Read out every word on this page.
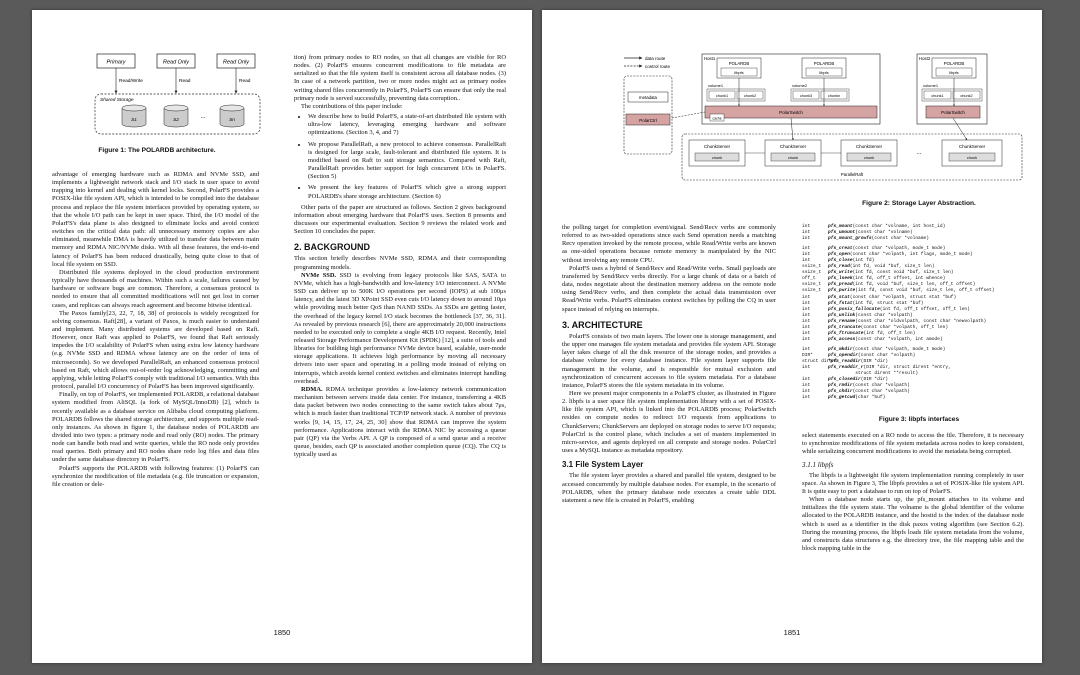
Primary	Read Only	Read Only
Read/Write	Read	Read
Shared Storage
S1	S2
...
Sn
Figure 1: The POLARDB architecture.

advantage of emerging hardware such as RDMA and NVMe SSD, and implements a lightweight network stack and I/O stack in user space to avoid trapping into kernel and dealing with kernel locks. Second, PolarFS provides a POSIX-like file system API, which is intended to be compiled into the database process and replace the file system interfaces provided by operating system, so that the whole I/O path can be kept in user space. Third, the I/O model of the PolarFS's data plane is also designed to eliminate locks and avoid context switches on the critical data path: all unnecessary memory copies are also eliminated, meanwhile DMA is heavily utilized to transfer data between main memory and RDMA NIC/NVMe disks. With all these features, the end-to-end latency of PolarFS has been reduced drastically, being quite close to that of local file system on SSD.

Distributed file systems deployed in the cloud production environment typically have thousands of machines. Within such a scale, failures caused by hardware or software bugs are common. Therefore, a consensus protocol is needed to ensure that all committed modifications will not get lost in corner cases, and replicas can always reach agreement and become bitwise identical.

The Paxos family[23, 22, 7, 18, 38] of protocols is widely recognized for solving consensus. Raft[28], a variant of Paxos, is much easier to understand and implement. Many distributed systems are developed based on Raft. However, once Raft was applied to PolarFS, we found that Raft seriously impedes the I/O scalability of PolarFS when using extra low latency hardware (e.g. NVMe SSD and RDMA whose latency are on the order of tens of microseconds). So we developed ParallelRaft, an enhanced consensus protocol based on Raft, which allows out-of-order log acknowledging, committing and applying, while letting PolarFS comply with traditional I/O semantics. With this protocol, parallel I/O concurrency of PolarFS has been improved significantly.

Finally, on top of PolarFS, we implemented POLARDB, a relational database system modified from AliSQL (a fork of MySQL/InnoDB) [2], which is recently available as a database service on Alibaba cloud computing platform. POLARDB follows the shared storage architecture, and supports multiple read-only instances. As shown in figure 1, the database nodes of POLARDB are divided into two types: a primary node and read only (RO) nodes. The primary node can handle both read and write queries, while the RO node only provides read queries. Both primary and RO nodes share redo log files and data files under the same database directory in PolarFS.

PolarFS supports the POLARDB with following features: (1) PolarFS can synchronize the modification of file metadata (e.g. file truncation or expansion, file creation or dele-

tion) from primary nodes to RO nodes, so that all changes are visible for RO nodes. (2) PolarFS ensures concurrent modifications to file metadata are serialized so that the file system itself is consistent across all database nodes. (3) In case of a network partition, two or more nodes might act as primary nodes writing shared files concurrently in PolarFS, PolarFS can ensure that only the real primary node is served successfully, preventing data corruption..

The contributions of this paper include:

• We describe how to build PolarFS, a state-of-art distributed file system with ultra-low latency, leveraging emerging hardware and software optimizations. (Section 3, 4, and 7)
• We propose ParallelRaft, a new protocol to achieve consensus. ParallelRaft is designed for large scale, fault-tolerant and distributed file system. It is modified based on Raft to suit storage semantics. Compared with Raft, ParallelRaft provides better support for high concurrent I/Os in PolarFS. (Section 5)
• We present the key features of PolarFS which give a strong support POLARDB's share storage architecture. (Section 6)

Other parts of the paper are structured as follows. Section 2 gives background information about emerging hardware that PolarFS uses. Section 8 presents and discusses our experimental evaluation. Section 9 reviews the related work and Section 10 concludes the paper.

2. BACKGROUND

This section briefly describes NVMe SSD, RDMA and their corresponding programming models.

NVMe SSD. SSD is evolving from legacy protocols like SAS, SATA to NVMe, which has a high-bandwidth and low-latency I/O interconnect. A NVMe SSD can deliver up to 500K I/O operations per second (IOPS) at sub 100μs latency, and the latest 3D XPoint SSD even cuts I/O latency down to around 10μs while providing much better QoS than NAND SSDs. As SSDs are getting faster, the overhead of the legacy kernel I/O stack becomes the bottleneck [37, 36, 31]. As revealed by previous research [6], there are approximately 20,000 instructions needed to be executed only to complete a single 4KB I/O request. Recently, Intel released Storage Performance Development Kit (SPDK) [12], a suite of tools and libraries for building high performance NVMe device based, scalable, user-mode storage applications. It achieves high performance by moving all necessary drivers into user space and operating in a polling mode instead of relying on interrupts, which avoids kernel context switches and eliminates interrupt handling overhead.

RDMA. RDMA technique provides a low-latency network communication mechanism between servers inside data center. For instance, transferring a 4KB data packet between two nodes connecting to the same switch takes about 7μs, which is much faster than traditional TCP/IP network stack. A number of previous works [9, 14, 15, 17, 24, 25, 30] show that RDMA can improve the system performance. Applications interact with the RDMA NIC by accessing a queue pair (QP) via the Verbs API. A QP is composed of a send queue and a receive queue, besides, each QP is associated another completion queue (CQ). The CQ is typically used as

1850
data route
control route
metadata
PolarCtrl
Host1
POLARDB
libpfs
POLARDB
libpfs
volume1
chunk1	chunk2
volume2
chunk3	chunkn
PolarSwitch
cache
Host2
POLARDB
libpfs
volume1
chunk1	chunk2
PolarSwitch
ChunkServer
chunk
ChunkServer
chunk
ChunkServer
chunk
...
ChunkServer
chunk
ParallelRaft
Figure 2: Storage Layer Abstraction.

the polling target for completion event/signal. Send/Recv verbs are commonly referred to as two-sided operations since each Send operation needs a matching Recv operation invoked by the remote process, while Read/Write verbs are known as one-sided operations because remote memory is manipulated by the NIC without involving any remote CPU.

PolarFS uses a hybrid of Send/Recv and Read/Write verbs. Small payloads are transferred by Send/Recv verbs directly. For a large chunk of data or a batch of data, nodes negotiate about the destination memory address on the remote node using Send/Recv verbs, and then complete the actual data transmission over Read/Write verbs. PolarFS eliminates context switches by polling the CQ in user space instead of relying on interrupts.

3. ARCHITECTURE

PolarFS consists of two main layers. The lower one is storage management, and the upper one manages file system metadata and provides file system API. Storage layer takes charge of all the disk resource of the storage nodes, and provides a database volume for every database instance. File system layer supports file management in the volume, and is responsible for mutual exclusion and synchronization of concurrent accesses to file system metadata. For a database instance, PolarFS stores the file system metadata in its volume.

Here we present major components in a PolarFS cluster, as illustrated in Figure 2. libpfs is a user space file system implementation library with a set of POSIX-like file system API, which is linked into the POLARDB process; PolarSwitch resides on compute nodes to redirect I/O requests from applications to ChunkServers; ChunkServers are deployed on storage nodes to serve I/O requests; PolarCtrl is the control plane, which includes a set of masters implemented in micro-service, and agents deployed on all compute and storage nodes. PolarCtrl uses a MySQL instance as metadata repository.

3.1 File System Layer

The file system layer provides a shared and parallel file system, designed to be accessed concurrently by multiple database nodes. For example, in the scenario of POLARDB, when the primary database node executes a create table DDL statement a new file is created in PolarFS, enabling

int	pfs_mount(const char *volname, int host_id)
int	pfs_umount(const char *volname)
int	pfs_mount_growfs(const char *volname)
int	pfs_creat(const char *volpath, mode_t mode)
int	pfs_open(const char *volpath, int flags, mode_t mode)
int	pfs_close(int fd)
ssize_t pfs_read(int fd, void *buf, size_t len)
ssize_t pfs_write(int fd, const void *buf, size_t len)
off_t	pfs_lseek(int fd, off_t offset, int whence)
ssize_t pfs_pread(int fd, void *buf, size_t len, off_t offset)
ssize_t pfs_pwrite(int fd, const void *buf, size_t len, off_t offset)
int	pfs_stat(const char *volpath, struct stat *buf)
int	pfs_fstat(int fd, struct stat *buf)
int	pfs_posix_fallocate(int fd, off_t offset, off_t len)
int	pfs_unlink(const char *volpath)
int	pfs_rename(const char *oldvolpath, const char *newvolpath)
int	pfs_truncate(const char *volpath, off_t len)
int	pfs_ftruncate(int fd, off_t len)
int	pfs_access(const char *volpath, int amode)
int	pfs_mkdir(const char *volpath, mode_t mode)
DIR*	pfs_opendir(const char *volpath)
struct dirent*pfs_readdir(DIR *dir)
int	pfs_readdir_r(DIR *dir, struct dirent *entry,
struct dirent **result)
int	pfs_closedir(DIR *dir)
int	pfs_rmdir(const char *volpath)
int	pfs_chdir(const char *volpath)
int	pfs_getcwd(char *buf)
Figure 3: libpfs interfaces

select statements executed on a RO node to access the file. Therefore, it is necessary to synchronize modifications of file system metadata across nodes to keep consistent, while serializing concurrent modifications to avoid the metadata being corrupted.

3.1.1 libpfs

The libpfs is a lightweight file system implementation running completely in user space. As shown in Figure 3, The libpfs provides a set of POSIX-like file system API. It is quite easy to port a database to run on top of PolarFS.

When a database node starts up, the pfs_mount attaches to its volume and initializes the file system state. The volname is the global identifier of the volume allocated to the POLARDB instance, and the hostid is the index of the database node which is used as a identifier in the disk paxos voting algorithm (see Section 6.2). During the mounting process, the libpfs loads file system metadata from the volume, and constructs data structures e.g. the directory tree, the file mapping table and the block mapping table in the

1851
